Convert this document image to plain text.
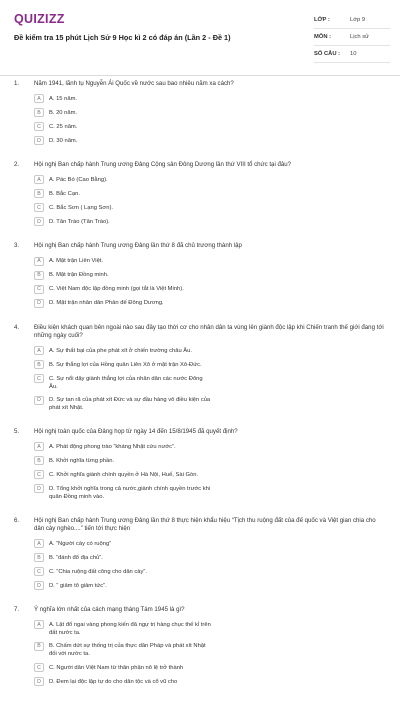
QUIZIZZ
Đề kiểm tra 15 phút Lịch Sử 9 Học kì 2 có đáp án (Lần 2 - Đề 1)
LỚP :	Lớp 9
MÔN :	Lịch sử
SỐ CÂU :	10
1.	Năm 1941, lãnh tụ Nguyễn Ái Quốc về nước sau bao nhiêu năm xa cách?
A	A. 15 năm.
B	B. 20 năm.
C	C. 25 năm.
D	D. 30 năm.
2.	Hội nghị Ban chấp hành Trung ương Đảng Cộng sản Đông Dương lần thứ VIII tổ chức tại đâu?
A	A. Pác Bó (Cao Bằng).
B	B. Bắc Cạn.
C	C. Bắc Sơn ( Lạng Sơn).
D	D. Tân Trào (Tân Trào).
3.	Hội nghị Ban chấp hành Trung ương Đảng lần thứ 8 đã chủ trương thành lập
A	A. Mặt trận Liên Việt.
B	B. Mặt trận Đồng minh.
C	C. Việt Nam độc lập đồng minh (gọi tắt là Việt Minh).
D	D. Mặt trận nhân dân Phản đế Đông Dương.
4.	Điều kiện khách quan bên ngoài nào sau đây tạo thời cơ cho nhân dân ta vùng lên giành độc lập khi Chiến tranh thế giới đang tới những ngày cuối?
A	A. Sự thất bại của phe phát xít ở chiến trường châu Âu.
B	B. Sự thắng lợi của Hồng quân Liên Xô ở mặt trận Xô-Đức.
C	C. Sự nổi dậy giành thắng lợi của nhân dân các nước Đông Âu.
D	D. Sự tan rã của phát xít Đức và sự đầu hàng vô điều kiện của phát xít Nhật.
5.	Hội nghị toàn quốc của Đảng họp từ ngày 14 đến 15/8/1945 đã quyết định?
A	A. Phát động phong trào “kháng Nhật cứu nước”.
B	B. Khởi nghĩa từng phần.
C	C. Khởi nghĩa giành chính quyền ở Hà Nội, Huế, Sài Gòn.
D	D. Tổng khởi nghĩa trong cả nước,giành chính quyền trước khi quân Đồng minh vào.
6.	Hội nghị Ban chấp hành Trung ương Đảng lần thứ 8 thực hiện khẩu hiệu “Tịch thu ruộng đất của đế quốc và Việt gian chia cho dân cày nghèo....” tiến tới thực hiện
A	A. “Người cày có ruộng”
B	B. “đánh đổ địa chủ”.
C	C. “Chia ruộng đất công cho dân cày”.
D	D. “ giảm tô giảm tức”.
7.	Ý nghĩa lớn nhất của cách mạng tháng Tám 1945 là gì?
A	A. Lật đổ ngai vàng phong kiến đã ngự trị hàng chục thế kỉ trên đất nước ta.
B	B. Chấm dứt sự thống trị của thực dân Pháp và phát xít Nhật đối với nước ta.
C	C. Người dân Việt Nam từ thân phận nô lệ trở thành
D	D. Đem lại độc lập tự do cho dân tộc và cổ vũ cho
